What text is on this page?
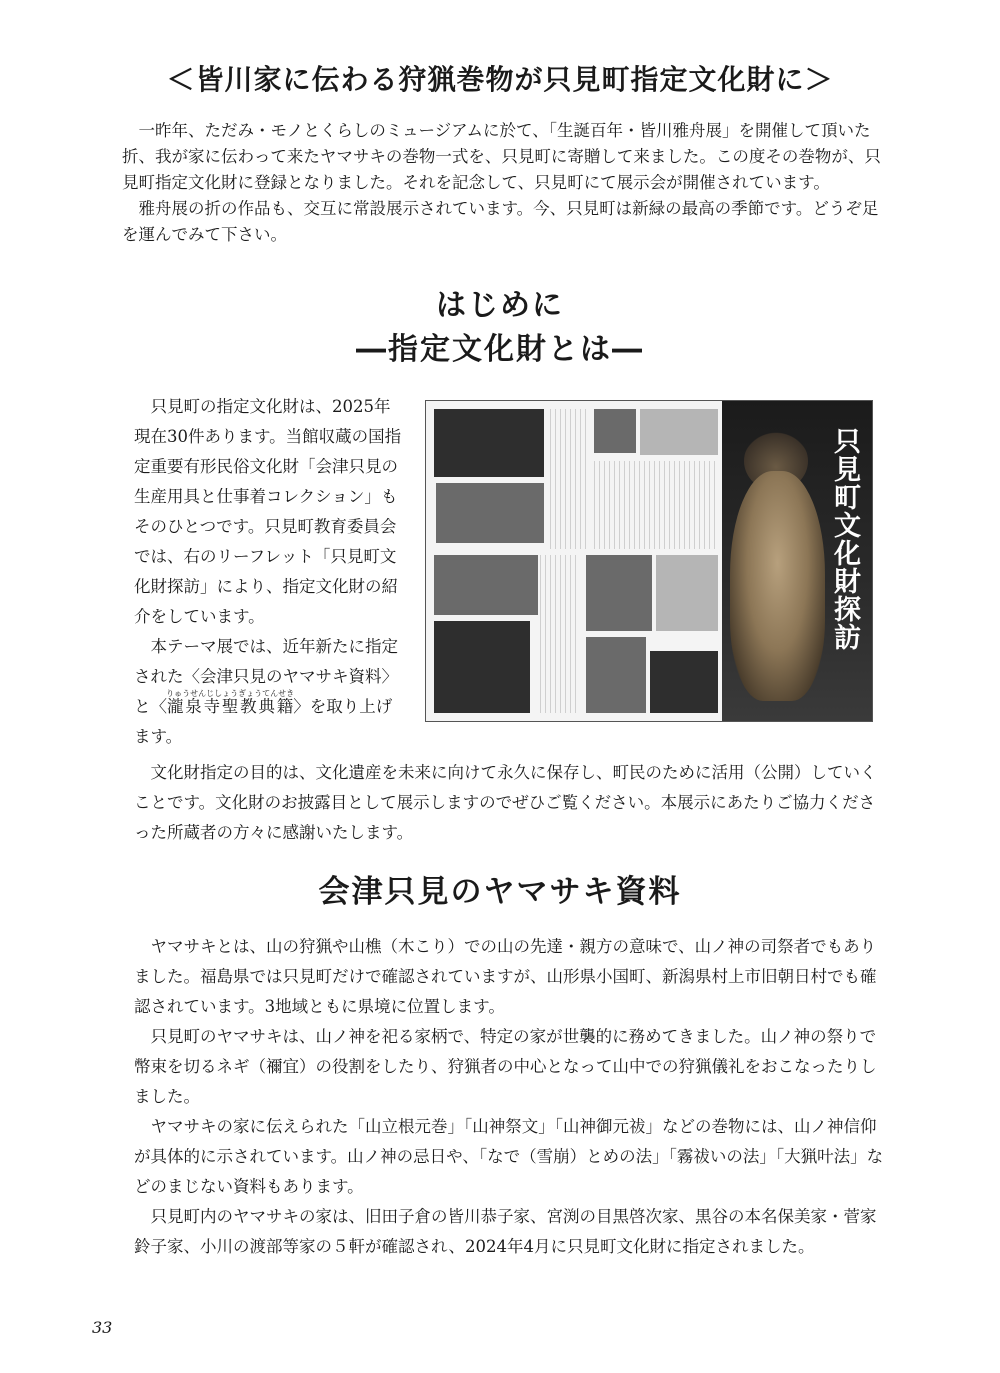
＜皆川家に伝わる狩猟巻物が只見町指定文化財に＞

一昨年、ただみ・モノとくらしのミュージアムに於て、「生誕百年・皆川雅舟展」を開催して頂いた折、我が家に伝わって来たヤマサキの巻物一式を、只見町に寄贈して来ました。この度その巻物が、只見町指定文化財に登録となりました。それを記念して、只見町にて展示会が開催されています。

雅舟展の折の作品も、交互に常設展示されています。今、只見町は新緑の最高の季節です。どうぞ足を運んでみて下さい。

はじめに
―指定文化財とは―

只見町の指定文化財は、2025年現在30件あります。当館収蔵の国指定重要有形民俗文化財「会津只見の生産用具と仕事着コレクション」もそのひとつです。只見町教育委員会では、右のリーフレット「只見町文化財探訪」により、指定文化財の紹介をしています。

本テーマ展では、近年新たに指定された〈会津只見のヤマサキ資料〉と〈瀧泉寺聖教典籍りゅうせんじしょうぎょうてんせき〉を取り上げます。

只見町文化財探訪

文化財指定の目的は、文化遺産を未来に向けて永久に保存し、町民のために活用（公開）していくことです。文化財のお披露目として展示しますのでぜひご覧ください。本展示にあたりご協力くださった所蔵者の方々に感謝いたします。

会津只見のヤマサキ資料

ヤマサキとは、山の狩猟や山樵（木こり）での山の先達・親方の意味で、山ノ神の司祭者でもありました。福島県では只見町だけで確認されていますが、山形県小国町、新潟県村上市旧朝日村でも確認されています。3地域ともに県境に位置します。

只見町のヤマサキは、山ノ神を祀る家柄で、特定の家が世襲的に務めてきました。山ノ神の祭りで幣束を切るネギ（禰宜）の役割をしたり、狩猟者の中心となって山中での狩猟儀礼をおこなったりしました。

ヤマサキの家に伝えられた「山立根元巻」「山神祭文」「山神御元祓」などの巻物には、山ノ神信仰が具体的に示されています。山ノ神の忌日や、「なで（雪崩）とめの法」「霧祓いの法」「大猟叶法」などのまじない資料もあります。

只見町内のヤマサキの家は、旧田子倉の皆川恭子家、宮渕の目黒啓次家、黒谷の本名保美家・菅家鈴子家、小川の渡部等家の５軒が確認され、2024年4月に只見町文化財に指定されました。

33
